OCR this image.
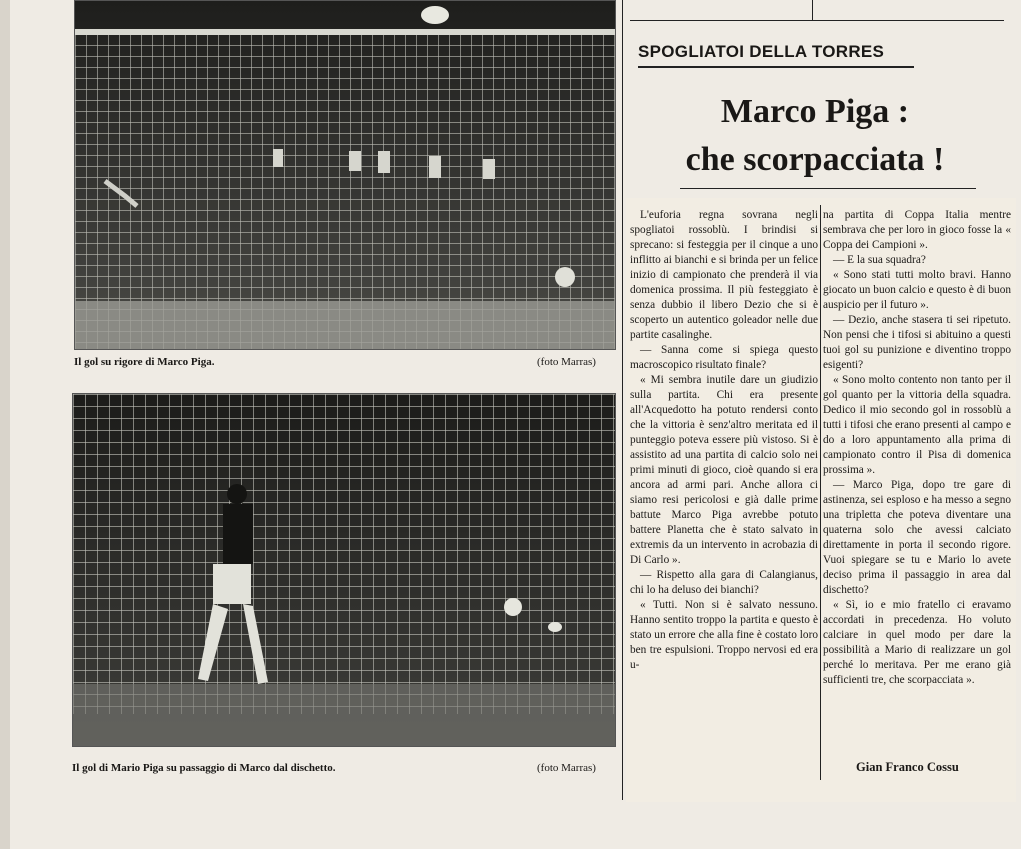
Il gol su rigore di Marco Piga.	(foto Marras)
Il gol di Mario Piga su passaggio di Marco dal dischetto.	(foto Marras)
SPOGLIATOI DELLA TORRES
Marco Piga :
che scorpacciata !

L'euforia regna sovrana negli spogliatoi rossoblù. I brindisi si sprecano: si festeggia per il cinque a uno inflitto ai bianchi e si brinda per un felice inizio di campionato che prenderà il via domenica prossima. Il più festeggiato è senza dubbio il libero Dezio che si è scoperto un autentico goleador nelle due partite casalinghe.

— Sanna come si spiega questo macroscopico risultato finale?

« Mi sembra inutile dare un giudizio sulla partita. Chi era presente all'Acquedotto ha potuto rendersi conto che la vittoria è senz'altro meritata ed il punteggio poteva essere più vistoso. Si è assistito ad una partita di calcio solo nei primi minuti di gioco, cioè quando si era ancora ad armi pari. Anche allora ci siamo resi pericolosi e già dalle prime battute Marco Piga avrebbe potuto battere Planetta che è stato salvato in extremis da un intervento in acrobazia di Di Carlo ».

— Rispetto alla gara di Calangianus, chi lo ha deluso dei bianchi?

« Tutti. Non si è salvato nessuno. Hanno sentito troppo la partita e questo è stato un errore che alla fine è costato loro ben tre espulsioni. Troppo nervosi ed era u-

na partita di Coppa Italia mentre sembrava che per loro in gioco fosse la « Coppa dei Campioni ».

— E la sua squadra?

« Sono stati tutti molto bravi. Hanno giocato un buon calcio e questo è di buon auspicio per il futuro ».

— Dezio, anche stasera ti sei ripetuto. Non pensi che i tifosi si abituino a questi tuoi gol su punizione e diventino troppo esigenti?

« Sono molto contento non tanto per il gol quanto per la vittoria della squadra. Dedico il mio secondo gol in rossoblù a tutti i tifosi che erano presenti al campo e do a loro appuntamento alla prima di campionato contro il Pisa di domenica prossima ».

— Marco Piga, dopo tre gare di astinenza, sei esploso e ha messo a segno una tripletta che poteva diventare una quaterna solo che avessi calciato direttamente in porta il secondo rigore. Vuoi spiegare se tu e Mario lo avete deciso prima il passaggio in area dal dischetto?

« Sì, io e mio fratello ci eravamo accordati in precedenza. Ho voluto calciare in quel modo per dare la possibilità a Mario di realizzare un gol perché lo meritava. Per me erano già sufficienti tre, che scorpacciata ».

Gian Franco Cossu
